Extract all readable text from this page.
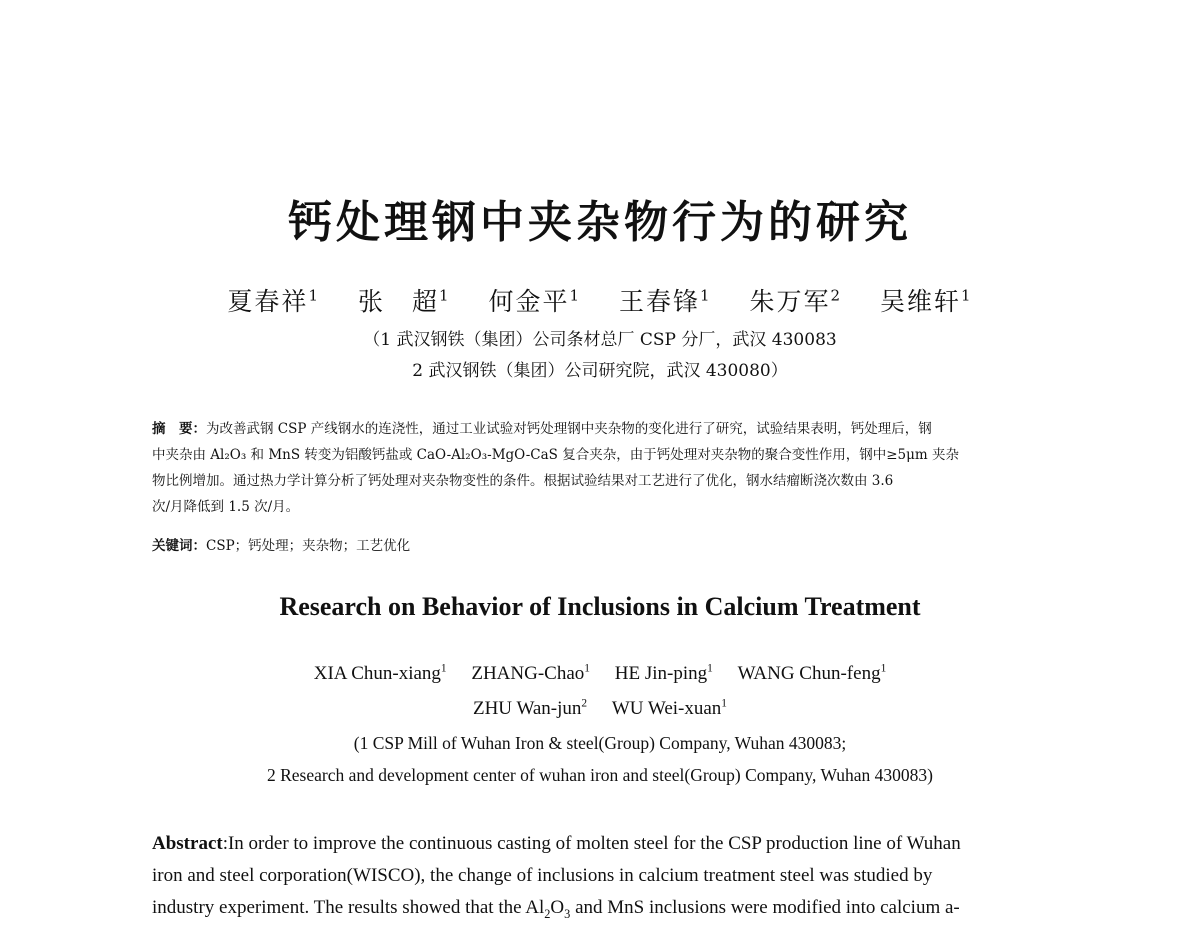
钙处理钢中夹杂物行为的研究
夏春祥$^1$ 张　超$^1$ 何金平$^1$ 王春锋$^1$ 朱万军$^2$ 吴维轩$^1$
（1 武汉钢铁（集团）公司条材总厂 CSP 分厂，武汉 430083
2 武汉钢铁（集团）公司研究院，武汉 430080）
摘　要：为改善武钢 CSP 产线钢水的连浇性，通过工业试验对钙处理钢中夹杂物的变化进行了研究，试验结果表明，钙处理后，钢
中夹杂由 Al₂O₃ 和 MnS 转变为铝酸钙盐或 CaO-Al₂O₃-MgO-CaS 复合夹杂，由于钙处理对夹杂物的聚合变性作用，钢中≥5μm 夹杂
物比例增加。通过热力学计算分析了钙处理对夹杂物变性的条件。根据试验结果对工艺进行了优化，钢水结瘤断浇次数由 3.6
次/月降低到 1.5 次/月。
关键词：CSP；钙处理；夹杂物；工艺优化
Research on Behavior of Inclusions in Calcium Treatment
XIA Chun-xiang$^1$ ZHANG-Chao$^1$ HE Jin-ping$^1$ WANG Chun-feng$^1$
ZHU Wan-jun$^2$ WU Wei-xuan$^1$
(1 CSP Mill of Wuhan Iron & steel(Group) Company, Wuhan 430083;
2 Research and development center of wuhan iron and steel(Group) Company, Wuhan 430083)
Abstract:In order to improve the continuous casting of molten steel for the CSP production line of Wuhan
iron and steel corporation(WISCO), the change of inclusions in calcium treatment steel was studied by
industry experiment. The results showed that the $Al_2O_3$ and MnS inclusions were modified into calcium a-
